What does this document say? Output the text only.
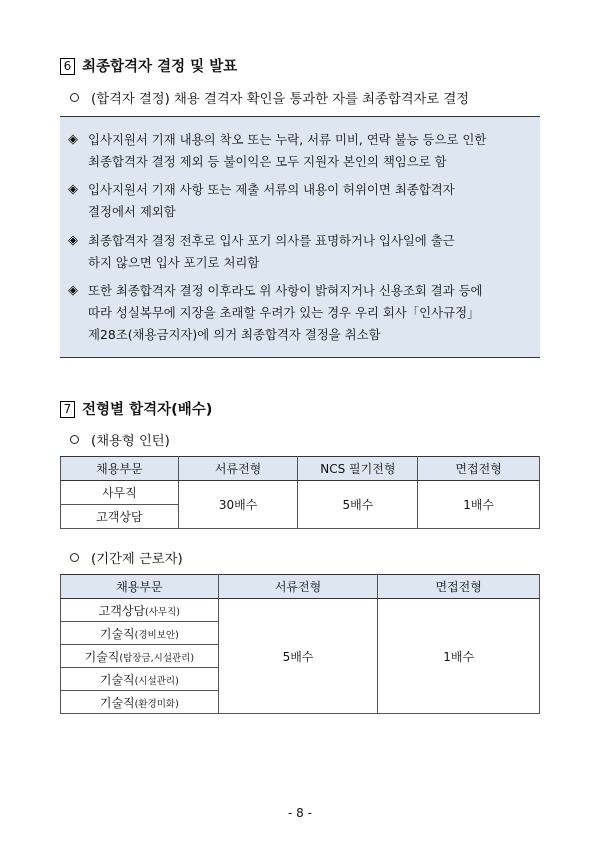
6 최종합격자 결정 및 발표
(합격자 결정) 채용 결격자 확인을 통과한 자를 최종합격자로 결정
◈ 입사지원서 기재 내용의 착오 또는 누락, 서류 미비, 연락 불능 등으로 인한
최종합격자 결정 제외 등 불이익은 모두 지원자 본인의 책임으로 함
◈ 입사지원서 기재 사항 또는 제출 서류의 내용이 허위이면 최종합격자
결정에서 제외함
◈ 최종합격자 결정 전후로 입사 포기 의사를 표명하거나 입사일에 출근
하지 않으면 입사 포기로 처리함
◈ 또한 최종합격자 결정 이후라도 위 사항이 밝혀지거나 신용조회 결과 등에
따라 성실복무에 지장을 초래할 우려가 있는 경우 우리 회사「인사규정」
제28조(채용금지자)에 의거 최종합격자 결정을 취소함
7 전형별 합격자(배수)
(채용형 인턴)
채용부문	서류전형	NCS 필기전형	면접전형
사무직	30배수	5배수	1배수
고객상담			
(기간제 근로자)
채용부문	서류전형	면접전형
고객상담(사무직)	5배수	1배수
기술직(경비보안)		
기술직(탐장금,시설관리)		
기술직(시설관리)		
기술직(환경미화)		
- 8 -
